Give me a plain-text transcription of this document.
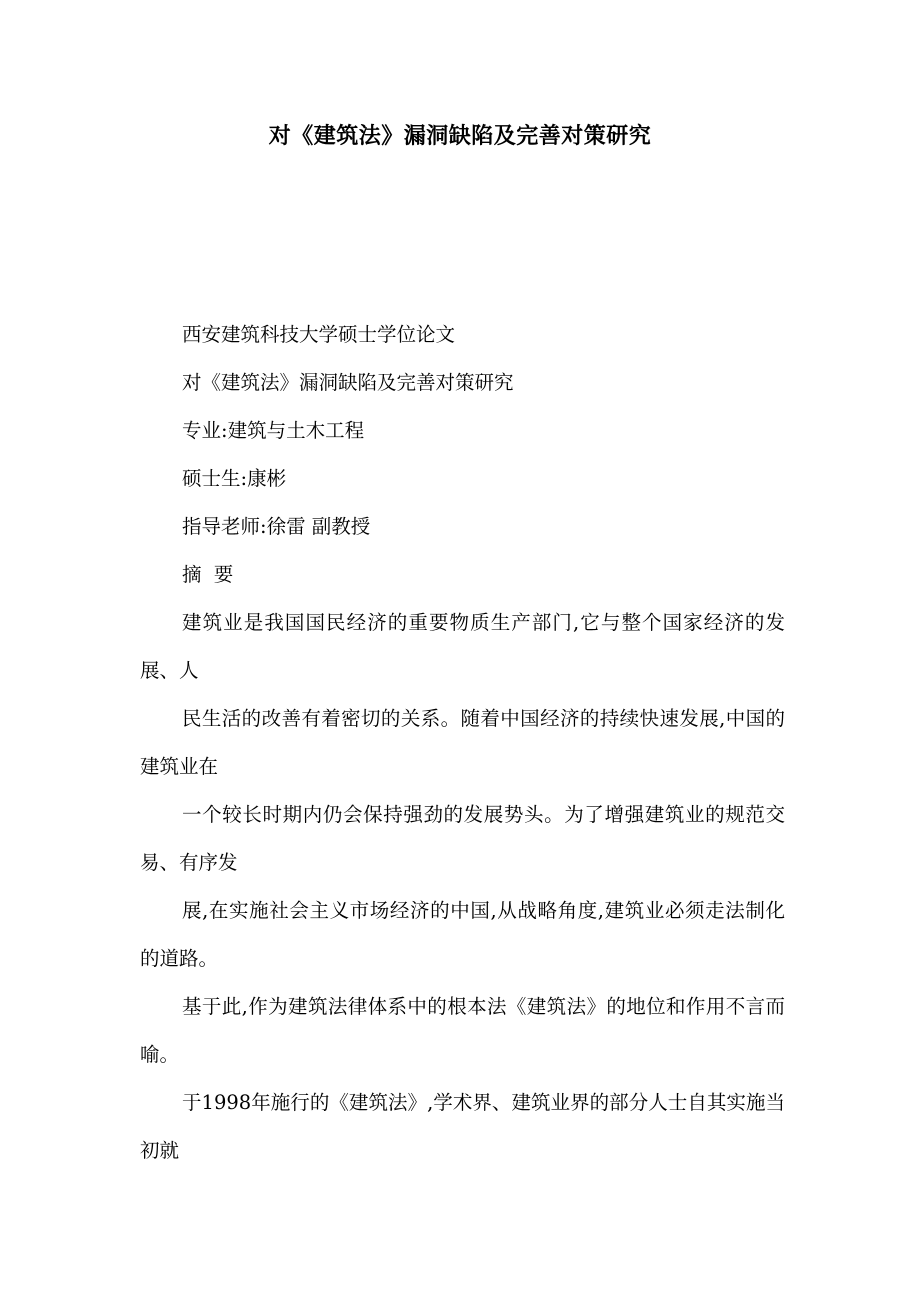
对《建筑法》漏洞缺陷及完善对策研究

西安建筑科技大学硕士学位论文

对《建筑法》漏洞缺陷及完善对策研究

专业:建筑与土木工程

硕士生:康彬

指导老师:徐雷 副教授

摘 要

建筑业是我国国民经济的重要物质生产部门,它与整个国家经济的发展、人

民生活的改善有着密切的关系。随着中国经济的持续快速发展,中国的建筑业在

一个较长时期内仍会保持强劲的发展势头。为了增强建筑业的规范交易、有序发

展,在实施社会主义市场经济的中国,从战略角度,建筑业必须走法制化的道路。

基于此,作为建筑法律体系中的根本法《建筑法》的地位和作用不言而喻。

于1998年施行的《建筑法》,学术界、建筑业界的部分人士自其实施当初就
